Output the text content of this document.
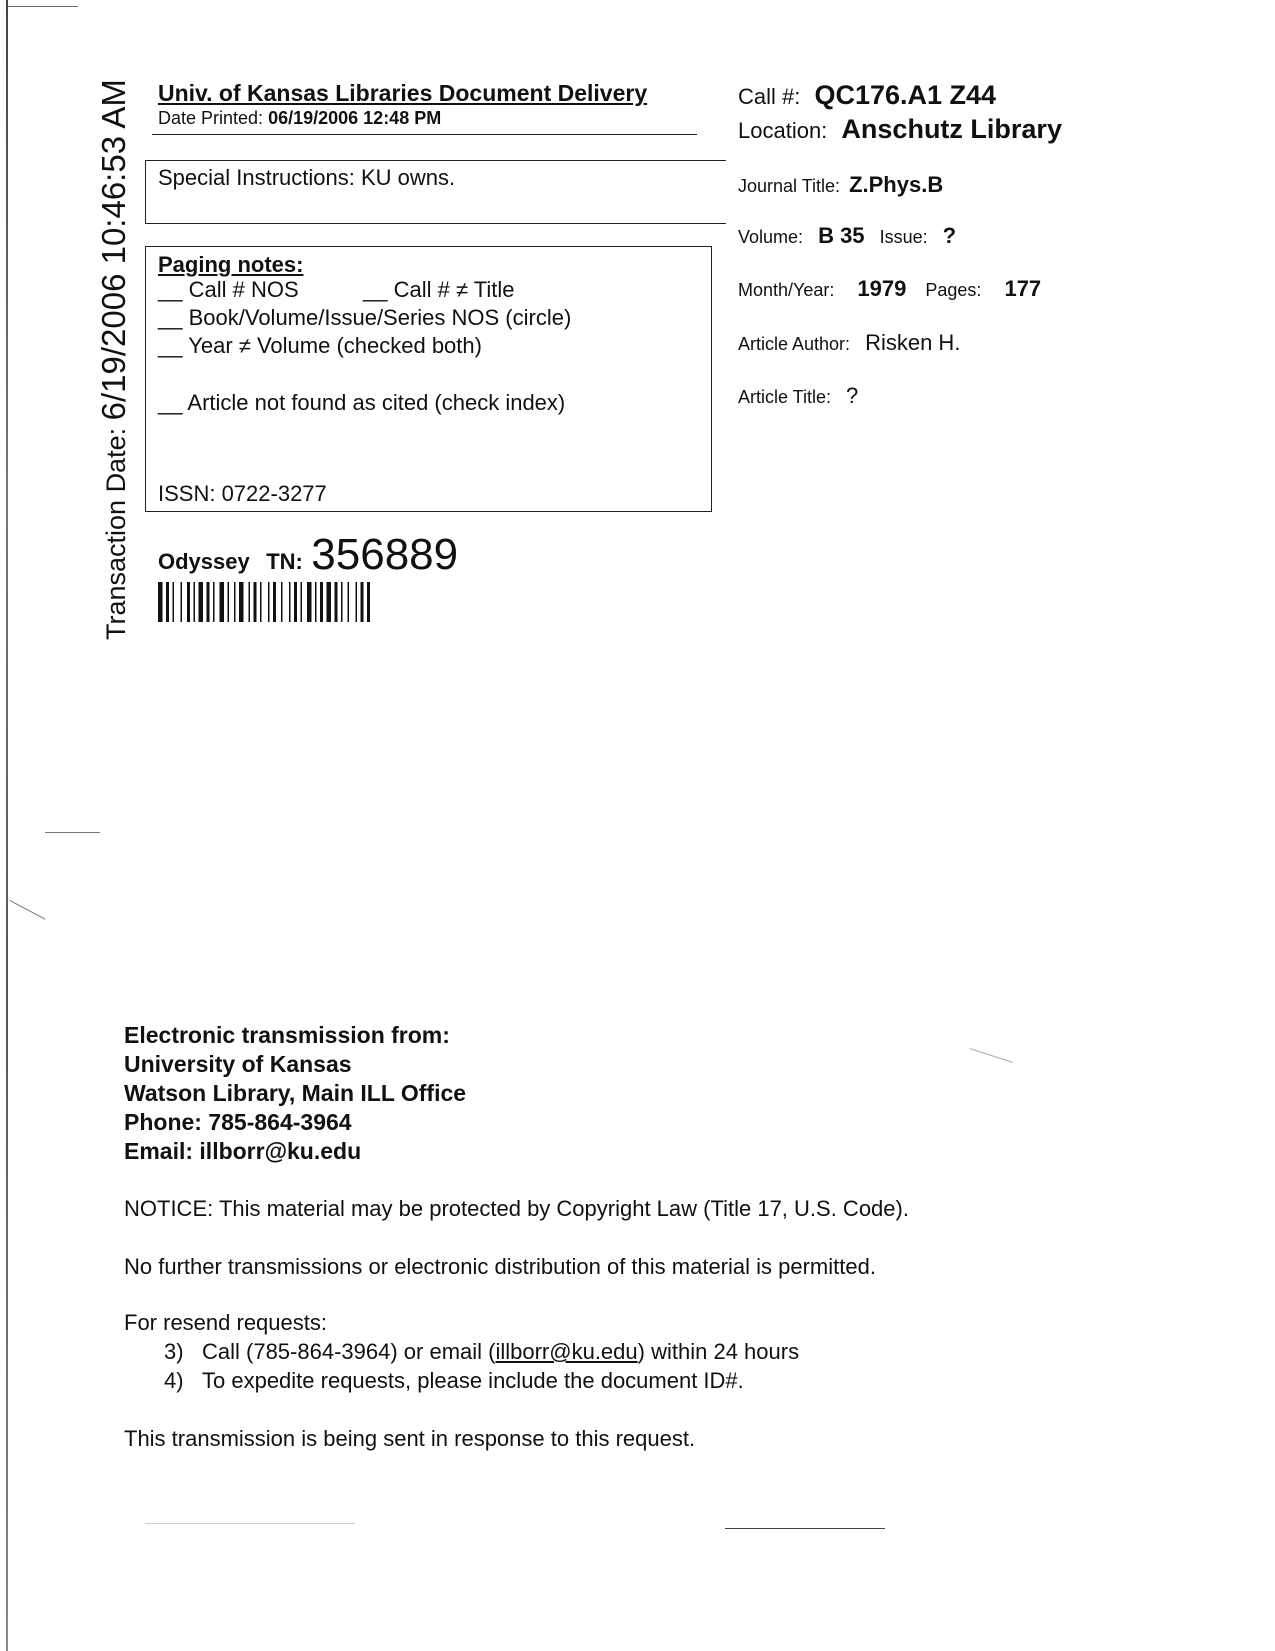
Transaction Date: 6/19/2006 10:46:53 AM Univ. of Kansas Libraries Document Delivery
Date Printed: 06/19/2006 12:48 PM
Special Instructions: KU owns.
Paging notes:
__ Call # NOS	__ Call # ≠ Title
__ Book/Volume/Issue/Series NOS (circle)
__ Year ≠ Volume (checked both)
__ Article not found as cited (check index)
ISSN: 0722-3277
Odyssey TN: 356889
Call #: QC176.A1 Z44
Location: Anschutz Library
Journal Title: Z.Phys.B
Volume: B 35 Issue: ?
Month/Year: 1979 Pages: 177
Article Author: Risken H.
Article Title: ?
Electronic transmission from:
University of Kansas
Watson Library, Main ILL Office
Phone: 785-864-3964
Email: illborr@ku.edu
NOTICE: This material may be protected by Copyright Law (Title 17, U.S. Code).
No further transmissions or electronic distribution of this material is permitted.
For resend requests:
3) Call (785-864-3964) or email (illborr@ku.edu) within 24 hours
4) To expedite requests, please include the document ID#.
This transmission is being sent in response to this request.
